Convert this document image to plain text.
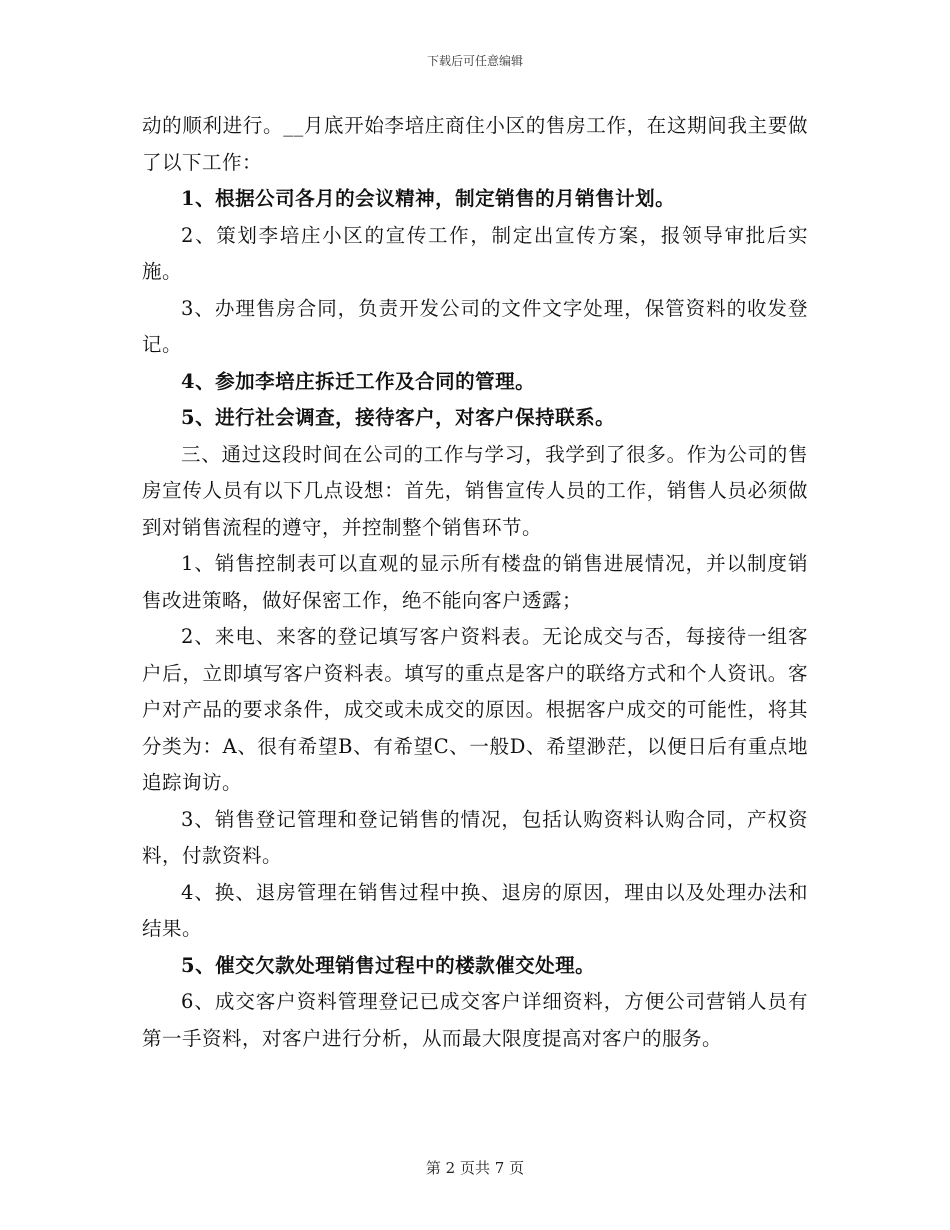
下载后可任意编辑

动的顺利进行。__月底开始李培庄商住小区的售房工作，在这期间我主要做了以下工作：

1、根据公司各月的会议精神，制定销售的月销售计划。

2、策划李培庄小区的宣传工作，制定出宣传方案，报领导审批后实施。

3、办理售房合同，负责开发公司的文件文字处理，保管资料的收发登记。

4、参加李培庄拆迁工作及合同的管理。

5、进行社会调查，接待客户，对客户保持联系。

三、通过这段时间在公司的工作与学习，我学到了很多。作为公司的售房宣传人员有以下几点设想：首先，销售宣传人员的工作，销售人员必须做到对销售流程的遵守，并控制整个销售环节。

1、销售控制表可以直观的显示所有楼盘的销售进展情况，并以制度销售改进策略，做好保密工作，绝不能向客户透露；

2、来电、来客的登记填写客户资料表。无论成交与否，每接待一组客户后，立即填写客户资料表。填写的重点是客户的联络方式和个人资讯。客户对产品的要求条件，成交或未成交的原因。根据客户成交的可能性，将其分类为：A、很有希望B、有希望C、一般D、希望渺茫，以便日后有重点地追踪询访。

3、销售登记管理和登记销售的情况，包括认购资料认购合同，产权资料，付款资料。

4、换、退房管理在销售过程中换、退房的原因，理由以及处理办法和结果。

5、催交欠款处理销售过程中的楼款催交处理。

6、成交客户资料管理登记已成交客户详细资料，方便公司营销人员有第一手资料，对客户进行分析，从而最大限度提高对客户的服务。

第 2 页共 7 页
